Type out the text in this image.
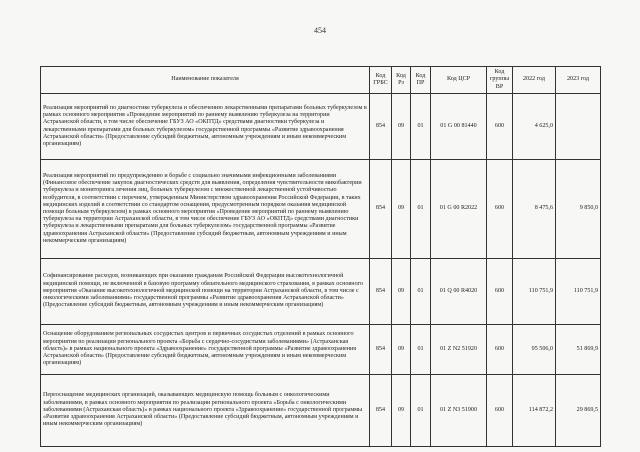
454
Наименование показателя	Код ГРБС	Код Рз	Код ПР	Код ЦСР	Код группы ВР	2022 год	2023 год
Реализация мероприятий по диагностике туберкулеза и обеспечению лекарственными препаратами больных туберкулезом в рамках основного мероприятия «Проведение мероприятий по раннему выявлению туберкулеза на территории Астраханской области, в том числе обеспечение ГБУЗ АО «ОКПТД» средствами диагностики туберкулеза и лекарственными препаратами для больных туберкулезом» государственной программы «Развитие здравоохранения Астраханской области» (Предоставление субсидий бюджетным, автономным учреждениям и иным некоммерческим организациям)	854	09	01	01 G 00 81440	600	4 625,0	
Реализация мероприятий по предупреждению и борьбе с социально значимыми инфекционными заболеваниями (Финансовое обеспечение закупок диагностических средств для выявления, определения чувствительности микобактерии туберкулеза и мониторинга лечения лиц, больных туберкулезом с множественной лекарственной устойчивостью возбудителя, в соответствии с перечнем, утвержденным Министерством здравоохранения Российской Федерации, в таких медицинских изделий в соответствии со стандартом оснащения, предусмотренным порядком оказания медицинской помощи больным туберкулезом) в рамках основного мероприятия «Проведение мероприятий по раннему выявлению туберкулеза на территории Астраханской области, в том числе обеспечение ГБУЗ АО «ОКПТД» средствами диагностики туберкулеза и лекарственными препаратами для больных туберкулезом» государственной программы «Развитие здравоохранения Астраханской области» (Предоставление субсидий бюджетным, автономным учреждениям и иным некоммерческим организациям)	854	09	01	01 G 00 R2022	600	8 475,6	9 850,0
Софинансирование расходов, возникающих при оказании гражданам Российской Федерации высокотехнологичной медицинской помощи, не включенной в базовую программу обязательного медицинского страхования, в рамках основного мероприятия «Оказание высокотехнологичной медицинской помощи на территории Астраханской области, в том числе с онкологическими заболеваниями» государственной программы «Развитие здравоохранения Астраханской области» (Предоставление субсидий бюджетным, автономным учреждениям и иным некоммерческим организациям)	854	09	01	01 Q 00 R4020	600	110 751,9	110 751,9
Оснащение оборудованием региональных сосудистых центров и первичных сосудистых отделений в рамках основного мероприятия по реализации регионального проекта «Борьба с сердечно-сосудистыми заболеваниями» (Астраханская область)» в рамках национального проекта «Здравоохранение» государственной программы «Развитие здравоохранения Астраханской области» (Предоставление субсидий бюджетным, автономным учреждениям и иным некоммерческим организациям)	854	09	01	01 Z N2 51920	600	95 506,0	51 869,9
Переоснащение медицинских организаций, оказывающих медицинскую помощь больным с онкологическими заболеваниями, в рамках основного мероприятия по реализации регионального проекта «Борьба с онкологическими заболеваниями (Астраханская область)» в рамках национального проекта «Здравоохранение» государственной программы «Развитие здравоохранения Астраханской области» (Предоставление субсидий бюджетным, автономным учреждениям и иным некоммерческим организациям)	854	09	01	01 Z N3 51900	600	114 872,2	29 869,5
